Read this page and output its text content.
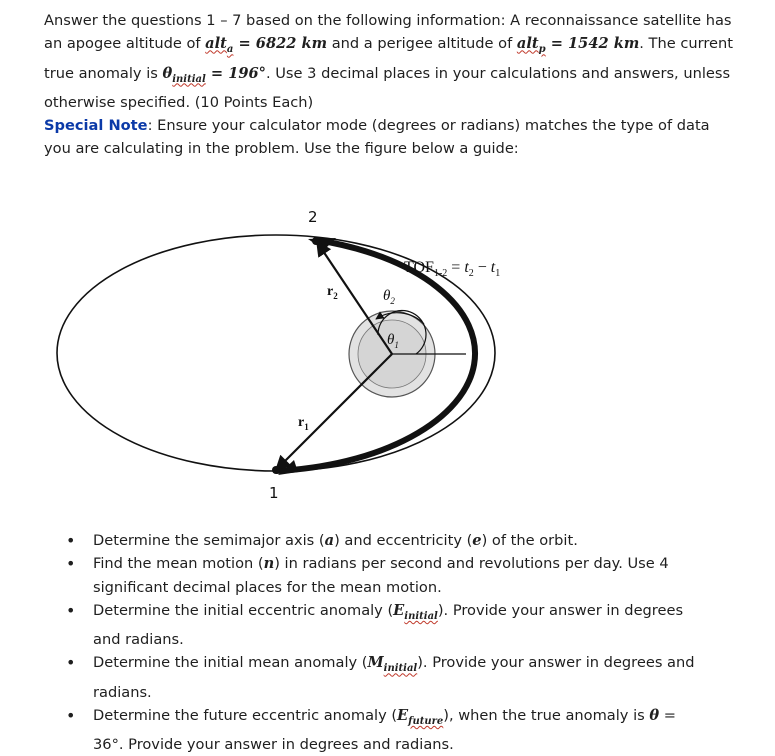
Answer the questions 1 – 7 based on the following information: A reconnaissance satellite has an apogee altitude of alt$_a$ = 6822 km and a perigee altitude of alt$_p$ = 1542 km. The current true anomaly is $\theta_{initial} = 196^\circ$. Use 3 decimal places in your calculations and answers, unless otherwise specified. (10 Points Each)

Special Note: Ensure your calculator mode (degrees or radians) matches the type of data you are calculating in the problem. Use the figure below a guide:

1
2
$r_1$
$r_2$
$\theta_1$
$\theta_2$
$TOF_{1-2} = t_2 - t_1$
• Determine the semimajor axis (a) and eccentricity (e) of the orbit.
• Find the mean motion (n) in radians per second and revolutions per day. Use 4 significant decimal places for the mean motion.
• Determine the initial eccentric anomaly $(E_{initial})$. Provide your answer in degrees and radians.
• Determine the initial mean anomaly $(M_{initial})$. Provide your answer in degrees and radians.
• Determine the future eccentric anomaly $(E_{future})$, when the true anomaly is θ = 36°. Provide your answer in degrees and radians.
